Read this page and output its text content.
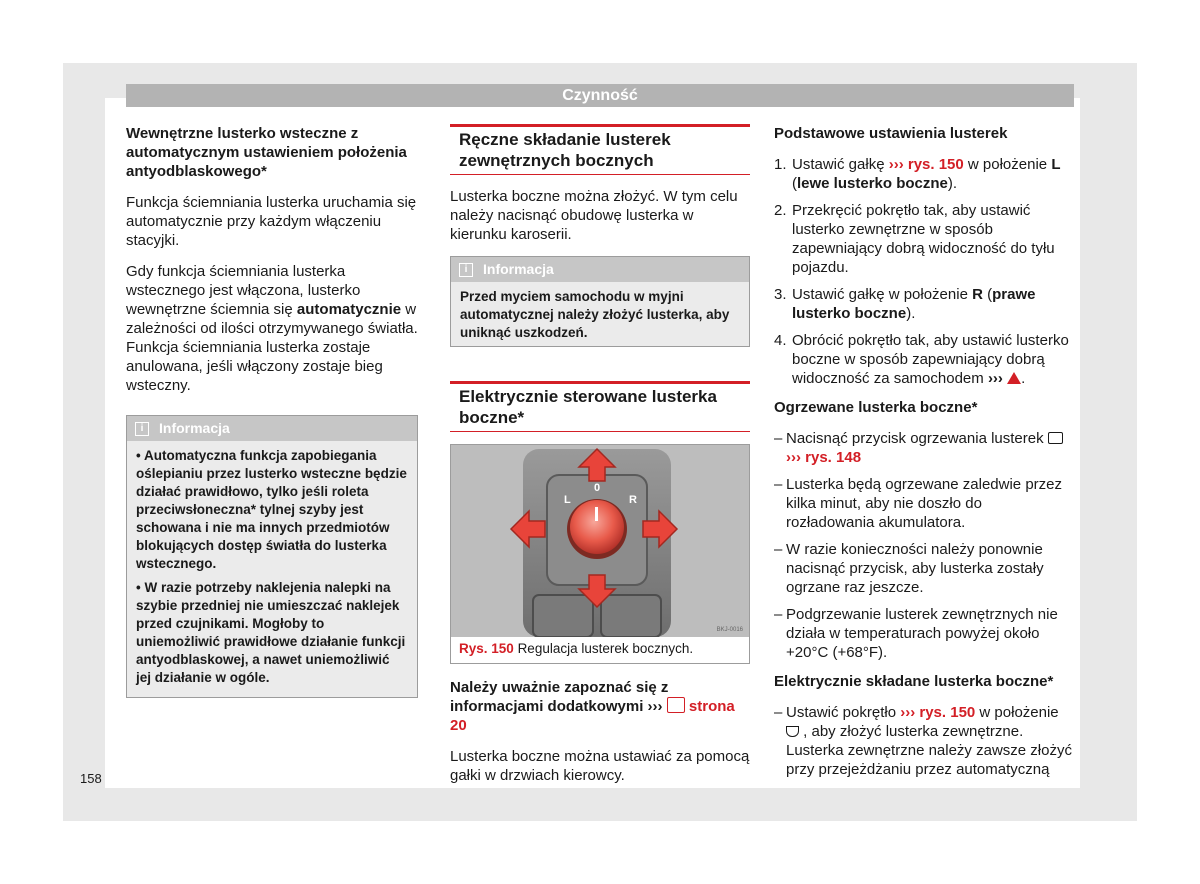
Czynność

Wewnętrzne lusterko wsteczne z automatycznym ustawieniem położenia antyodblaskowego*

Funkcja ściemniania lusterka uruchamia się automatycznie przy każdym włączeniu stacyjki.

Gdy funkcja ściemniania lusterka wstecznego jest włączona, lusterko wewnętrzne ściemnia się automatycznie w zależności od ilości otrzymywanego światła. Funkcja ściemniania lusterka zostaje anulowana, jeśli włączony zostaje bieg wsteczny.

i	Informacja

• Automatyczna funkcja zapobiegania oślepianiu przez lusterko wsteczne będzie działać prawidłowo, tylko jeśli roleta przeciwsłoneczna* tylnej szyby jest schowana i nie ma innych przedmiotów blokujących dostęp światła do lusterka wstecznego.

• W razie potrzeby naklejenia nalepki na szybie przedniej nie umieszczać naklejek przed czujnikami. Mogłoby to uniemożliwić prawidłowe działanie funkcji antyodblaskowej, a nawet uniemożliwić jej działanie w ogóle.

Ręczne składanie lusterek zewnętrznych bocznych

Lusterka boczne można złożyć. W tym celu należy nacisnąć obudowę lusterka w kierunku karoserii.

i	Informacja
Przed myciem samochodu w myjni automatycznej należy złożyć lusterka, aby uniknąć uszkodzeń.
Elektrycznie sterowane lusterka boczne*
L
0
R
BKJ-0016
Rys. 150 Regulacja lusterek bocznych.

Należy uważnie zapoznać się z informacjami dodatkowymi ››› strona 20

Lusterka boczne można ustawiać za pomocą gałki w drzwiach kierowcy.

Podstawowe ustawienia lusterek

1. Ustawić gałkę ››› rys. 150 w położenie L (lewe lusterko boczne).
2. Przekręcić pokrętło tak, aby ustawić lusterko zewnętrzne w sposób zapewniający dobrą widoczność do tyłu pojazdu.
3. Ustawić gałkę w położenie R (prawe lusterko boczne).
4. Obrócić pokrętło tak, aby ustawić lusterko boczne w sposób zapewniający dobrą widoczność za samochodem ››› .

Ogrzewane lusterka boczne*

– Nacisnąć przycisk ogrzewania lusterek  ››› rys. 148
– Lusterka będą ogrzewane zaledwie przez kilka minut, aby nie doszło do rozładowania akumulatora.
– W razie konieczności należy ponownie nacisnąć przycisk, aby lusterka zostały ogrzane raz jeszcze.
– Podgrzewanie lusterek zewnętrznych nie działa w temperaturach powyżej około +20°C (+68°F).

Elektrycznie składane lusterka boczne*

– Ustawić pokrętło ››› rys. 150 w położenie  , aby złożyć lusterka zewnętrzne. Lusterka zewnętrzne należy zawsze złożyć przy przejeżdżaniu przez automatyczną
158
